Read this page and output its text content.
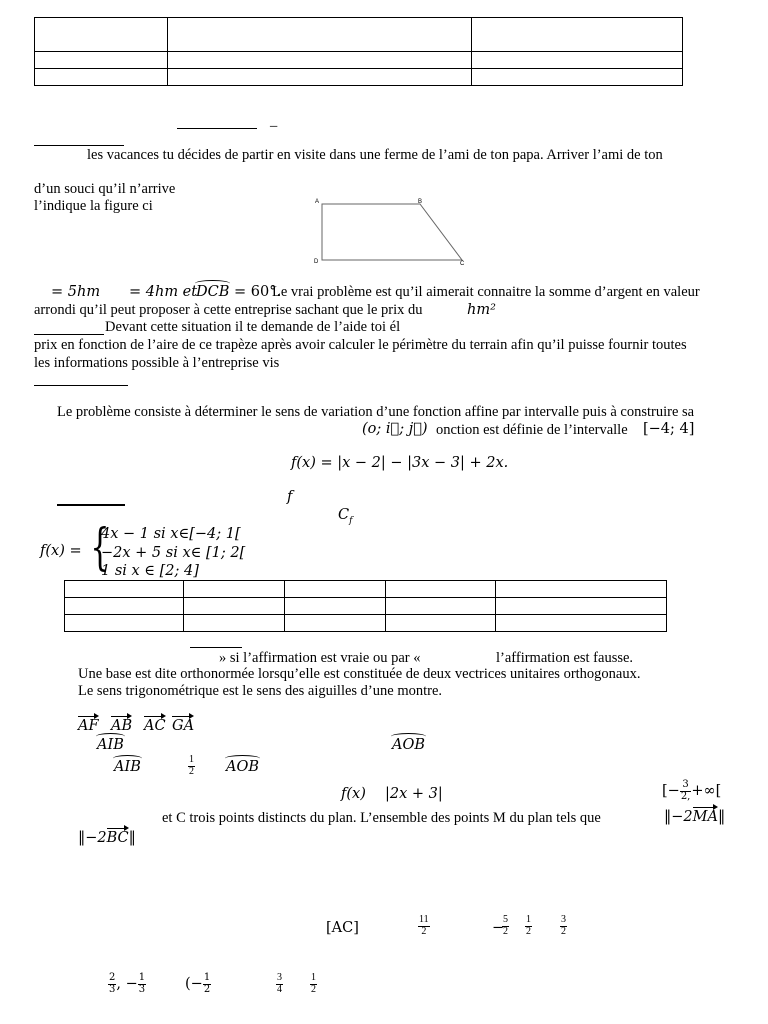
–
les vacances tu décides de partir en visite dans une ferme de l’ami de ton papa. Arriver l’ami de ton
d’un souci qu’il n’arrive
l’indique la figure ci	A	B
C
D
= 5hm = 4hm et
DCB = 60°.
Le vrai problème est qu’il aimerait connaitre la somme d’argent en valeur
arrondi qu’il peut proposer à cette entreprise sachant que le prix du	hm²
Devant cette situation il te demande de l’aide toi él
prix en fonction de l’aire de ce trapèze après avoir calculer le périmètre du terrain afin qu’il puisse fournir toutes
les informations possible à l’entreprise vis
Le problème consiste à déterminer le sens de variation d’une fonction affine par intervalle puis à construire sa
(o; i⃗; j⃗) onction est définie de l’intervalle [−4; 4]
f(x) = |x − 2| − |3x − 3| + 2x.
f
$C_f$
f(x) = {
4x − 1 si x∈[−4; 1[
−2x + 5 si x∈ [1; 2[
1 si x ∈ [2; 4]

» si l’affirmation est vraie ou par «	l’affirmation est fausse.
Une base est dite orthonormée lorsqu’elle est constituée de deux vectrices unitaires orthogonaux.
Le sens trigonométrique est le sens des aiguilles d’une montre.
AF AB AC GA
AIB	AOB
AIB	$\frac{1}{2}$ AOB
f(x) |2x + 3|	[− $\frac{3}{2,}$ +∞[
et C trois points distincts du plan. L’ensemble des points M du plan tels que	‖−2MA‖
‖−2BC‖
[AC]	$\frac{11}{2}$	−
$\frac{5}{2} \frac{1}{2}$	$\frac{3}{2}$
$\frac{2}{3}$ , − $\frac{1}{3}$	(− $\frac{1}{2}$	$\frac{3}{4}$	$\frac{1}{2}$
